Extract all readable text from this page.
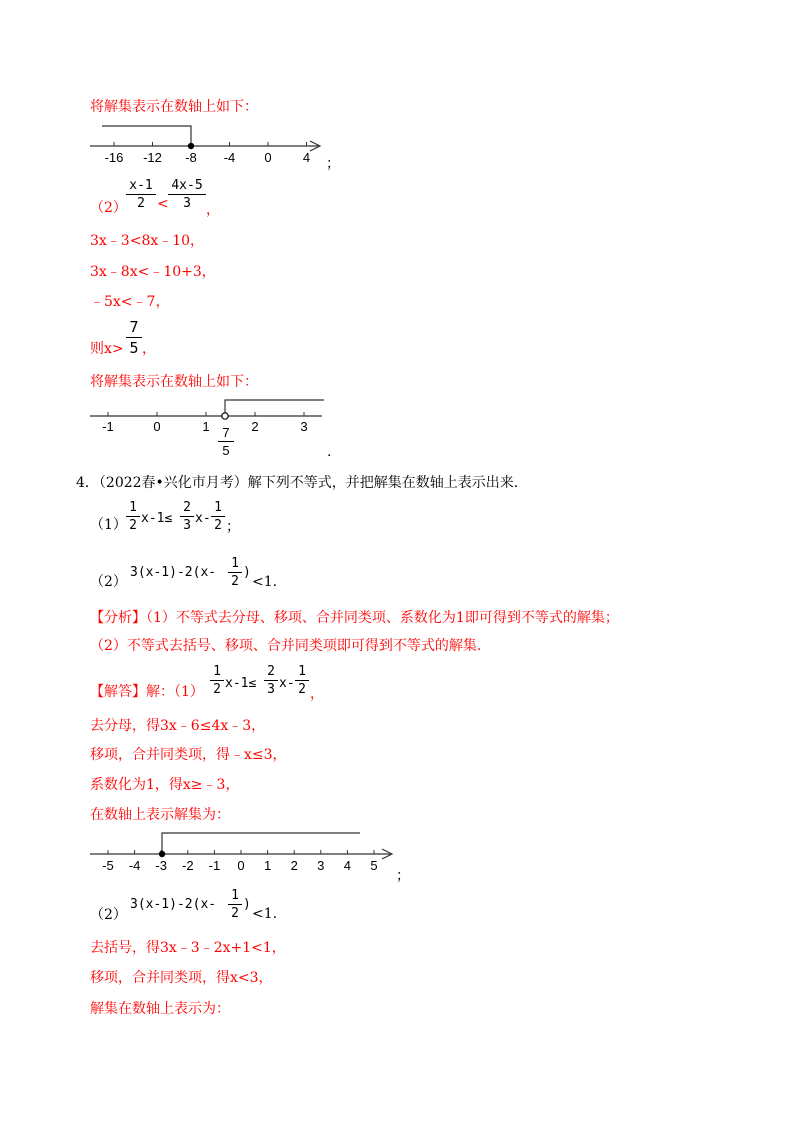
将解集表示在数轴上如下：
-16 -12 -8 -4 0 4 ；
（2）
x-1
2 <
4x-5
3	，
3x﹣3<8x﹣10，
3x﹣8x<﹣10+3，
﹣5x<﹣7，
则x>
7
5 ，
将解集表示在数轴上如下：
-1	0	1	2	3
7
5	.
4．（2022春•兴化市月考）解下列不等式，并把解集在数轴上表示出来．
（1）
1
2 x-1≤
2
3 x-
1
2 ；
（2）
3(x-1)-2(x-
1
2
)
<1.
【分析】（1）不等式去分母、移项、合并同类项、系数化为1即可得到不等式的解集；
（2）不等式去括号、移项、合并同类项即可得到不等式的解集.
【解答】解：（1）
1
2 x-1≤
2
3 x-
1
2 ，
去分母，得3x﹣6≤4x﹣3，
移项，合并同类项，得﹣x≤3，
系数化为1，得x≥﹣3，
在数轴上表示解集为：
-5 -4 -3 -2 -1 0 1 2 3 4 5
；
（2）
3(x-1)-2(x-
1
2
)
<1.
去括号，得3x﹣3﹣2x+1<1，
移项，合并同类项，得x<3，
解集在数轴上表示为：
